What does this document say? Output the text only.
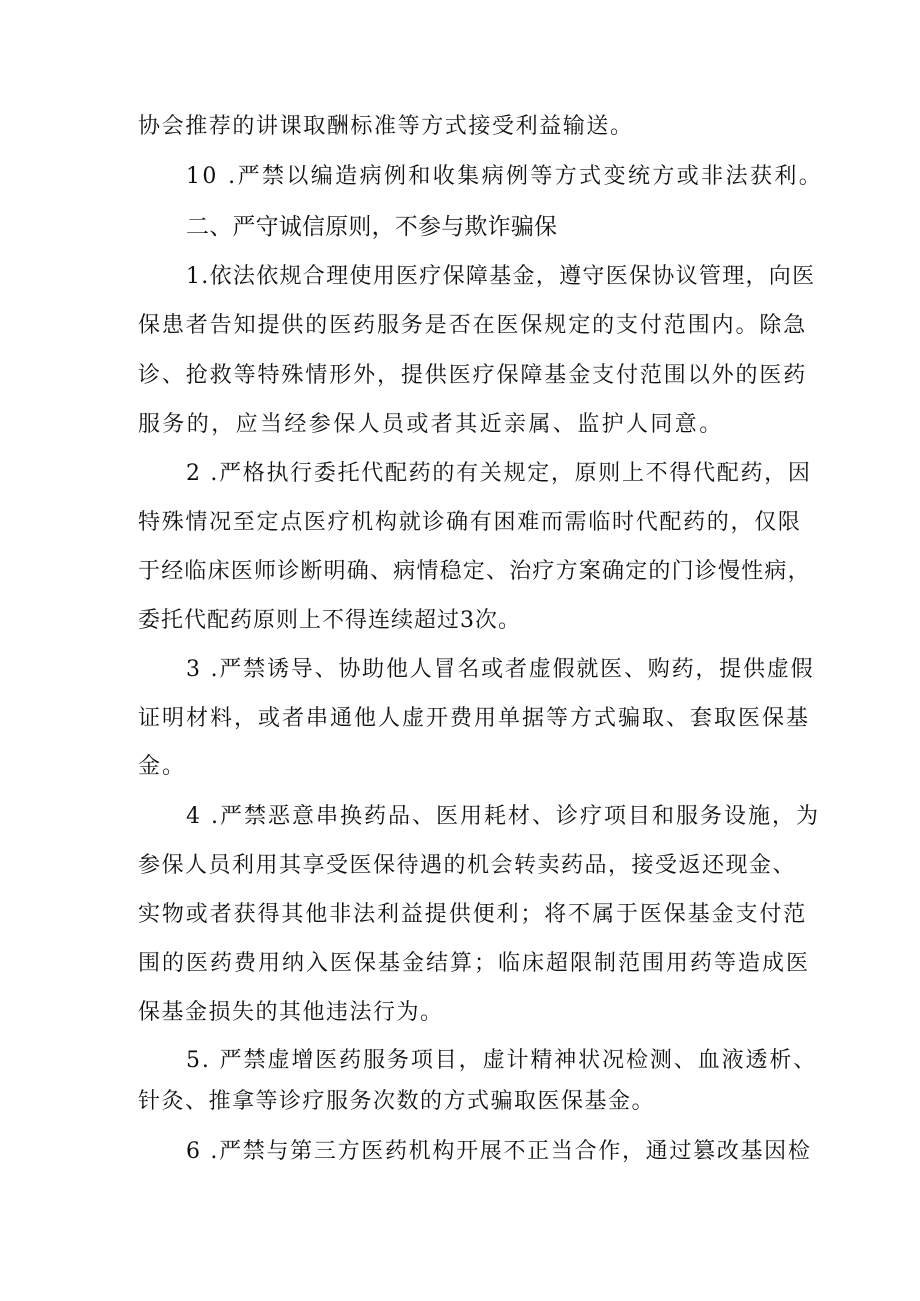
协会推荐的讲课取酬标准等方式接受利益输送。
10 .严禁以编造病例和收集病例等方式变统方或非法获利。
二、严守诚信原则，不参与欺诈骗保
1.依法依规合理使用医疗保障基金，遵守医保协议管理，向医
保患者告知提供的医药服务是否在医保规定的支付范围内。除急
诊、抢救等特殊情形外，提供医疗保障基金支付范围以外的医药
服务的，应当经参保人员或者其近亲属、监护人同意。
2 .严格执行委托代配药的有关规定，原则上不得代配药，因
特殊情况至定点医疗机构就诊确有困难而需临时代配药的，仅限
于经临床医师诊断明确、病情稳定、治疗方案确定的门诊慢性病，
委托代配药原则上不得连续超过3次。
3 .严禁诱导、协助他人冒名或者虚假就医、购药，提供虚假
证明材料，或者串通他人虚开费用单据等方式骗取、套取医保基
金。
4 .严禁恶意串换药品、医用耗材、诊疗项目和服务设施，为
参保人员利用其享受医保待遇的机会转卖药品，接受返还现金、
实物或者获得其他非法利益提供便利；将不属于医保基金支付范
围的医药费用纳入医保基金结算；临床超限制范围用药等造成医
保基金损失的其他违法行为。
5. 严禁虚增医药服务项目，虚计精神状况检测、血液透析、
针灸、推拿等诊疗服务次数的方式骗取医保基金。
6 .严禁与第三方医药机构开展不正当合作，通过篡改基因检
